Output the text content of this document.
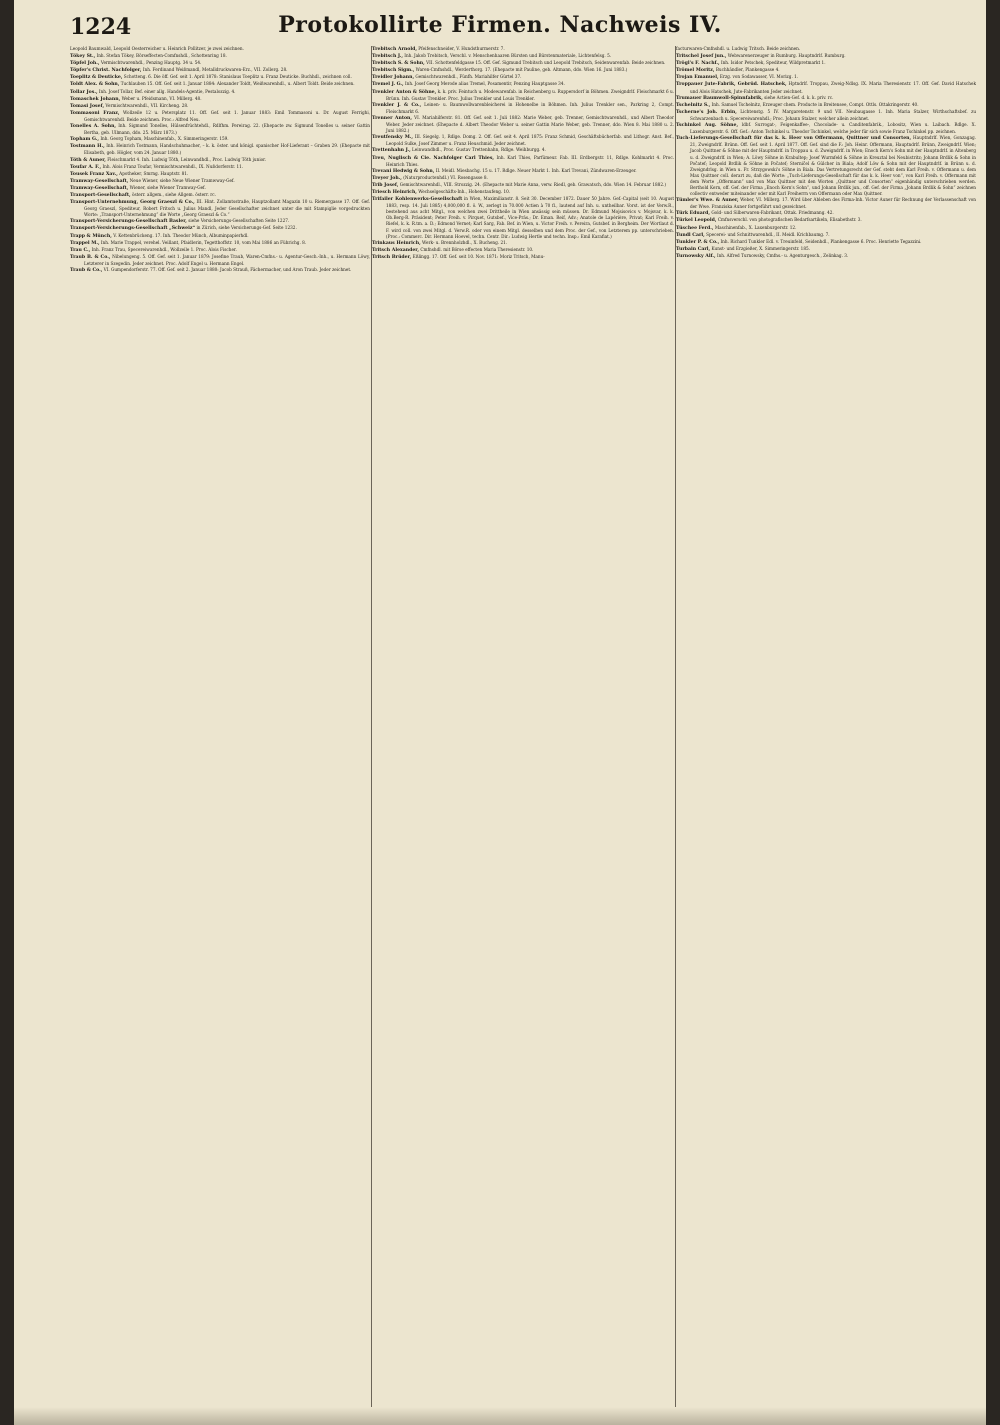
1224	Protokollirte Firmen. Nachweis IV.

Leopold Baumwald, Leopold Oesterreicher u. Heinrich Pollitzer, je zwei zeichnen.

Tökey St., Inh. Stefan Tökey, Börseffecten-Comfnshdl., Schottenring 18.

Töpfel Joh., Vermischtwarenhdl., Penzing Hauptg. 34 u. 54.

Töpfer's Christ. Nachfolger, Inh. Ferdinand Weißmandl, Metalldruckwaren-Erz., VII. Zollerg. 28.

Toeplitz & Deuticke, Schotteng. 6. Die öff. Gef. seit 1. April 1878: Stanislaus Toeplitz u. Franz Deuticke. Buchhdl., zeichnen coll.

Toldt Alex. & Sohn, Tuchlauben 15. Off. Gef. seit 1. Januar 1884: Alexander Toldt, Weißwarenhdl., u. Albert Toldt. Beide zeichnen.

Tollar Jos., Inh. Josef Tollar, Bef. einer allg. Handels-Agentie, Pestalozzig. 4.

Tomaschek Johann, Weber u. Pfeidsmann, VI. Millerg. 48.

Tomasi Josef, Vermischtwarenhdl., VII. Kircheng. 28.

Tommasoni Franz, Wollzeile 12 u. Petersplatz 11. Off. Gef. seit 1. Januar 1883: Emil Tommasoni u. Dr. August Ferrighi, Gemischtwarenhdl. Beide zeichnen. Proc.: Alfred Neu.

Tonelles A. Sohn, Inh. Sigmund Tonelles, Hülsenfrüchtehdl., Rdlfhm. Pereirag. 22. (Ehepacte zw. Sigmund Tonelles u. seiner Gattin Bertha, geb. Ullmann, ddo. 25. März 1873.)

Topham G., Inh. Georg Topham, Maschinenfab., X. Simmeringerstr. 159.

Tostmann H., Inh. Heinrich Tostmann, Handschuhmacher, – k. k. öster. und königl. spanischer Hof-Lieferant – Graben 29. (Ehepacte mit Elisabeth, geb. Högler, vom 24. Januar 1880.)

Töth & Auner, Fleischmarkt 4. Inh. Ludwig Töth, Leinwandhdl., Proc. Ludwig Töth junior.

Toufar A. F., Inh. Alois Franz Toufar, Vermischtwarenhdl., IX. Nußdorferstr. 11.

Tousek Franz Xav., Apotheker, Smrng. Hauptstr. 81.

Tramway-Gesellschaft, Neue Wiener, siehe Neue Wiener Tramwway-Gef.

Tramway-Gesellschaft, Wiener, siehe Wiener Tramway-Gef.

Transport-Gesellschaft, österr. allgem., siehe Allgem. österr. rc.

Transport-Unternehmung, Georg Graeszl & Co., III. Hint. Zollamtsstraße, Hauptzollamt Magazin 10 u. Riemergasse 17. Off. Gef. Georg Graeszl, Spediteur, Robert Fritsch u. Julius Mandl, Jeder Gesellschafter zeichnet unter die mit Stampiglie vorgedruckten Worte: „Transport-Unternehmung“ die Worte „Georg Graeszl & Co.“

Transport-Versicherungs-Gesellschaft Basler, siehe Versicherungs-Gesellschaften Seite 1227.

Transport-Versicherungs-Gesellschaft „Schweiz“ in Zürich, siehe Versicherungs-Gef. Seite 1232.

Trapp & Münch, V. Kettenbrückeng. 17. Inh. Theodor Münch, Albuminpapierhdl.

Trappel M., Inh. Marie Trappel, verehel. Veillant, Pfaidlerin, Tegetthoffstr. 10, vom Mai 1886 an Führichg. 8.

Trau C., Inh. Franz Trau, Specereiwarenhdl., Wollzeile 1. Proc. Alois Fischer.

Traub B. & Co., Nibelungeng. 5. Off. Gef. seit 1. Januar 1879: Josefine Traub, Waren-Cmfns.- u. Agentur-Gesch.-Inh., u. Hermann Löwy, Letzterer in Szegedin. Jeder zeichnet. Proc. Adolf Engel u. Hermann Engel.

Traub & Co., VI. Gumpendorferstr. 77. Off. Gef. seit 2. Januar 1880: Jacob Strauß, Fächermacher, und Aron Traub. Jeder zeichnet.

Trebitsch Arnold, Pfeifenschneider, V. Hundsthurmerstr. 7.

Trebitsch J., Inh. Jakob Trebitsch, Verschl. v. Menschenhaaren Bürsten und Bürstenmateriale, Lichtenfelsg. 5.

Trebitsch S. & Sohn, VII. Schottenfeldgasse 15. Off. Gef. Sigmund Trebitsch und Leopold Trebitsch, Seidenwarenfab. Beide zeichnen.

Trebitsch Sigm., Waren-Cmfnshdl., Werderthorg. 17. (Ehepacte mit Pauline, geb. Altmann, ddo. Wien 16. Juni 1883.)

Treidler Johann, Gemischtwarenhdl., Fünfh. Mariahilfer Gürtel 37.

Tremel J. G., Inh. Josef Georg Merode alias Tremel, Posamentir, Penzing Hauptgasse 34.

Trenkler Anton & Söhne, k. k. priv. Feintuch u. Modewarenfab. in Reichenberg u. Ruppersdorf in Böhmen. Zweigndrlf. Fleischmarkt 6 u. Brünn. Inh. Gustav Trenkler. Proc. Julius Trenkler und Louis Trenkler.

Trenkler J. & Co., Leinen- u. Baumwollwarenbleicherei in Hohenelbe in Böhmen. Inh. Julius Trenkler sen., Parkring 2, Compt. Fleischmarkt 6.

Trenner Anton, VI. Mariahilferstr. 81. Off. Gef. seit 1. Juli 1882: Marie Weber, geb. Trenner, Gemischtwarenhdl., und Albert Theodor Weber. Jeder zeichnet. (Ehepacte d. Albert Theodor Weber u. seiner Gattin Marie Weber, geb. Trenner, ddo. Wien 8. Mai 1880 u. 2. Juni 1882.)

Treutfensky M., III. Siegelg. 1, Rdlge. Domg. 2. Off. Gef. seit 4. April 1875: Franz Schmid, Geschäftsbücherfab. und Lithogr. Anst. Bef., Leopold Sulke, Josef Zimmer u. Franz Heuschmid. Jeder zeichnet.

Trettenhahn J., Leinwandhdl., Proc. Gustav Trettenhahn, Rdlge. Weihburgg. 4.

Treu, Nuglisch & Cie. Nachfolger Carl Thies, Inh. Karl Thies, Parfümeur. Fab. III. Erdbergstr. 11, Rdlge. Kohlmarkt 4. Proc. Heinrich Thies.

Trevani Hedwig & Sohn, II. Meidl. Miesbachg. 15 u. 17. Rdlge. Neuer Markt 1. Inh. Karl Trevani, Zündwaren-Erzeuger.

Treyer Joh., (Naturproductenhdl.) VI. Rosengasse 8.

Trib Josef, Gemischtwarenhdl., VIII. Strozzig. 24. (Ehepacte mit Marie Anna, verw. Riedl, geb. Grawatsch, ddo. Wien 14. Februar 1882.)

Triesch Heinrich, Wechselgeschäfts-Inh., Hohenstaufeng. 10.

Trifailer Kohlenwerks-Gesellschaft in Wien, Maximilianstr. 8. Seit 30. December 1872. Dauer 50 Jahre. Gef.-Capital (seit 10. August 1883, resp. 14. Juli 1885) 4,000,000 fl. ö. W., zerlegt in 70.000 Actien à 70 fl., lautend auf Inh. u. untheilbar. Vorst. ist der Verw.R., bestehend aus acht Mitgl., von welchen zwei Drittheile in Wien ansässig sein müssen. Dr. Edmund Mojsisovics v. Mojsvar, k. k. Ob.Berg-R. Präsident; Peter Freih. v. Pirquet, Gutsbef., Vice-Präs.; Dr. Eman. Reif, Adv.; Anatole de Lapérière, Privat; Karl Freih. v. Riefel, k. k. R.tm. a. D.; Edmond Vernet; Karl Sarg, Fab. Bef. in Wien, u. Victor Freih. v. Pereira, Gutsbef. in Bergheim. Der Wortlaut d. F. wird coll. von zwei Mitgl. d. Verw.R. oder von einem Mitgl. desselben und dem Proc. der Gef., von Letzterem pp. unterschrieben. (Proc.: Commerc. Dir. Hermann Hoevel, techn. Centr. Dir.: Ludwig Hertle und techn. Insp.: Emil Karafiat.)

Trinkaus Heinrich, Werk- u. Brennholzhdl., X. Bucheng. 21.

Tritsch Alexander, Cmfnshdl. mit Börse effecten Maria Theresienstr. 10.

Tritsch Brüder, Eßlingg. 17. Off. Gef. seit 10. Nov. 1871: Moriz Tritsch, Manu-

facturwaren-Cmfnshdl. u. Ludwig Tritsch. Beide zeichnen.

Tritschel Josef jun., Webwarenerzeuger in Rumburg. Hauptndrlf. Rumburg.

Trögl's F. Nachf., Inh. Isidor Petschek, Spediteur, Wildpretmarkt 1.

Trömel Moritz, Buchhändler, Plankengasse 4.

Trojan Emanuel, Erzg. von Sodawasser, VI. Morizg. 1.

Troppauer Jute-Fabrik, Gebrüd. Hatschek, Hptndrlf. Troppau, Zweig-Ndlsg. IX. Maria Theresienstr. 17. Off. Gef. David Hatschek und Alois Hatschek, Jute-Fabrikanten Jeder zeichnet.

Trumauer Baumwoll-Spinnfabrik, siehe Actien-Gef. d. k. k. priv. rc.

Tschelnitz S., Inh. Samuel Tschelnitz, Erzeuger chem. Producte in Breitensee, Compt. Ottls. Ottakringerstr. 40.

Tscherne's Joh. Erbin, Lichtenstg. 5 IV. Margaretenstr. 9 und VII. Neubaugasse 1. Inh. Maria Stalzer, Wirthschaftsbef. zu Schwarzenbach u. Specereiwarenhdl.; Proc. Johann Stalzer, welcher allein zeichnet.

Tschinkel Aug. Söhne, ldbf. Surrogat-, Feigenkaffee-, Chocolade- u. Canditenfabrik., Lobositz, Wien u. Laibach. Rdlge. X. Laxenburgerstr. 6. Off. Gef.: Anton Tschinkel u. Theodor Tschinkel, welche jeder für sich sowie Franz Tschinkel pp. zeichnen.

Tuch-Lieferungs-Gesellschaft für das k. k. Heer von Offermann, Quittner und Consorten, Hauptndrlf. Wien, Gonzagag. 21, Zweigndrlf. Brünn. Off. Gef. seit 1. April 1877. Off. Gef. sind die F.: Joh. Heinr. Offermann, Hauptndrlf. Brünn, Zweigndrlf. Wien; Jacob Quittner & Söhne mit der Hauptndrlf. in Troppau u. d. Zweigndrlf. in Wien; Enoch Kern's Sohn mit der Hauptndrlf. in Altenberg u. d. Zweigndrlf. in Wien; A. Löwy Söhne in Krabultep; Josef Wurmfeld & Söhne in Kreuztal bei Neubistritz; Johann Brdlik & Sohn in Počatef; Leopold Brdlik & Söhne in Počatef; Sterničel & Gülcher in Biala; Adolf Löw & Sohn mit der Hauptndrlf. in Brünn u. d. Zweigndrlsg. in Wien u. Fr. Strzygowski's Söhne in Biala. Das Vertretungsrecht der Gef. steht dem Karl Freih. v. Offermann u. dem Max Quittner coll. derart zu, daß die Worte: „Tuch-Lieferungs-Gesellschaft für das k. k. Heer von“, von Karl Freih. v. Offermann mit dem Worte „Offermann“ und von Max Quittner mit den Worten „Quittner und Consorten“ eigenhändig unterschrieben werden. Berthold Kern, off. Gef. der Firma „Enoch Kern's Sohn“, und Johann Brdlik jun., off. Gef. der Firma „Johann Brdlik & Sohn“ zeichnen collectiv entweder miteinander oder mit Karl Freiherrn von Offermann oder Max Quittner.

Tümler's Wwe. & Auner, Weber, VI. Millerg. 17. Wird über Ableben des Firma-Inh. Victor Auner für Rechnung der Verlassenschaft von der Wwe. Franziska Auner fortgeführt und gezeichnet.

Türk Eduard, Gold- und Silberwaren-Fabrikant, Ottak. Friedmanng. 42.

Türkel Leopold, Cmfnsverschl. von photografischen Bedarfsartikeln, Elisabethstr. 3.

Tüschee Ferd., Maschinenfab., X. Laxenburgerstr. 12.

Tundl Carl, Specerei- und Schnittwarenhdl., II. Meidl. Krichbaumg. 7.

Tunkler P. & Co., Inh. Richard Tunkler Edl. v. Treuinfeld, Seidenhdl., Plankengasse 6. Proc. Henriette Tegazzini.

Turbain Carl, Kunst- und Erzgießer, X. Simmeringerstr. 185.

Turnowsky Alf., Inh. Alfred Turnowsky, Cmfns.- u. Agenturgesch., Zelinkag. 3.
